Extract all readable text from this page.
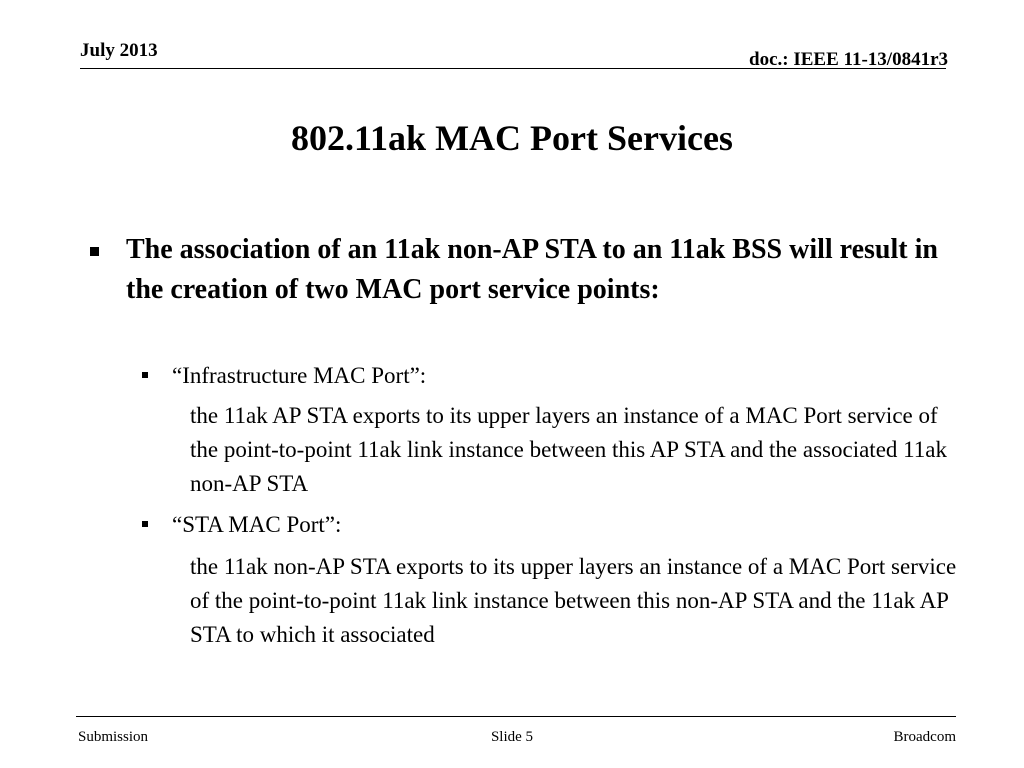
July 2013	doc.: IEEE 11-13/0841r3
802.11ak MAC Port Services
The association of an 11ak non-AP STA to an 11ak BSS will result in the creation of two MAC port service points:
“Infrastructure MAC Port”:
the 11ak AP STA exports to its upper layers an instance of a MAC Port service of the point-to-point 11ak link instance between this AP STA and the associated 11ak non-AP STA
“STA MAC Port”:
the 11ak non-AP STA exports to its upper layers an instance of a MAC Port service of the point-to-point 11ak link instance between this non-AP STA and the 11ak AP STA to which it associated
Submission	Slide 5	Broadcom
